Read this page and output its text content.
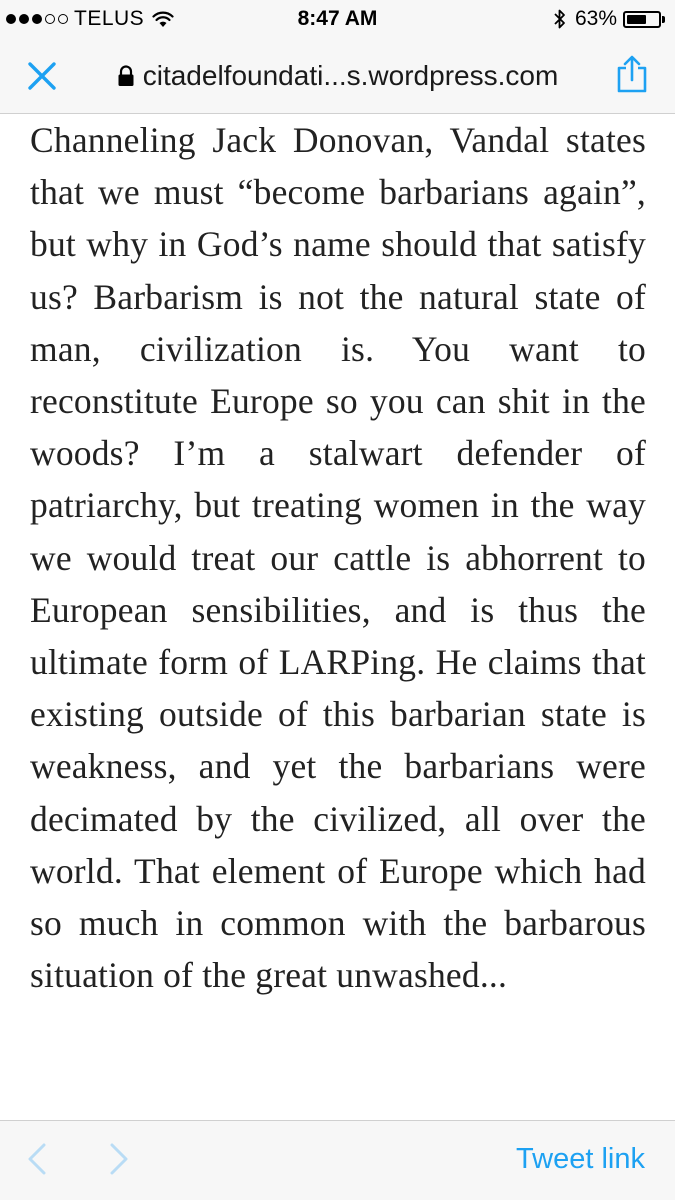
TELUS	8:47 AM	63%
citadelfoundati...s.wordpress.com

Channeling Jack Donovan, Vandal states that we must “become barbarians again”, but why in God’s name should that satisfy us? Barbarism is not the natural state of man, civilization is. You want to reconstitute Europe so you can shit in the woods? I’m a stalwart defender of patriarchy, but treating women in the way we would treat our cattle is abhorrent to European sensibilities, and is thus the ultimate form of LARPing. He claims that existing outside of this barbarian state is weakness, and yet the barbarians were decimated by the civilized, all over the world. That element of Europe which had so much in common with the barbarous situation of the great unwashed...

Tweet link
